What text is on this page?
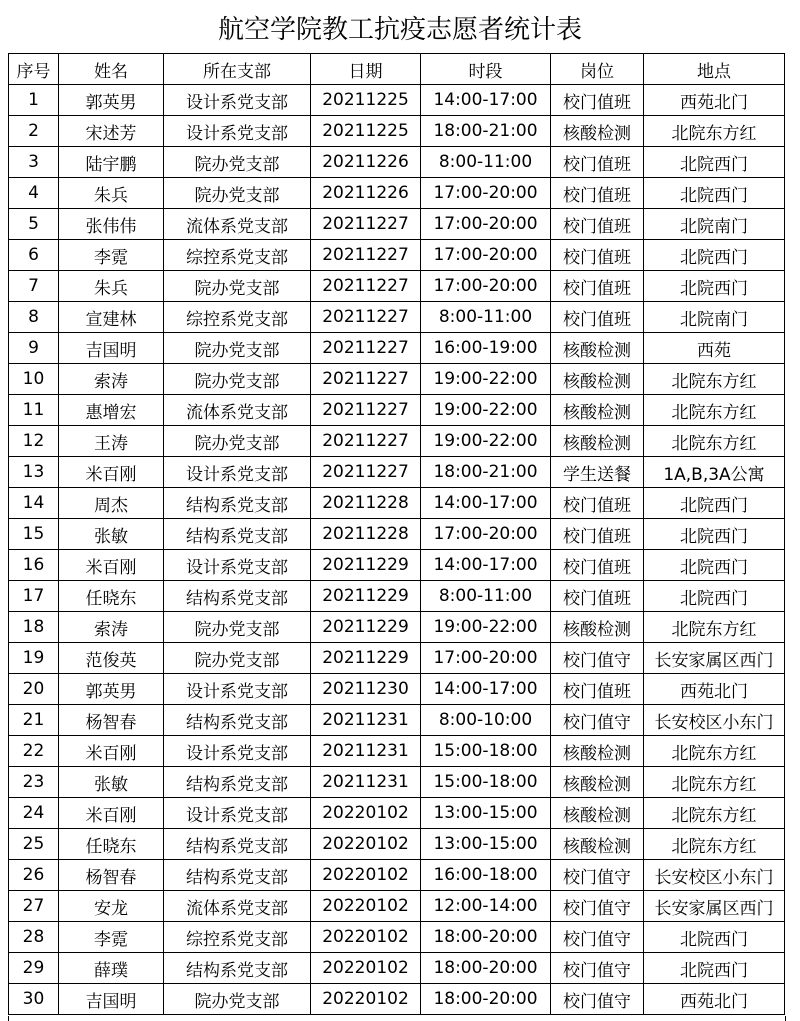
航空学院教工抗疫志愿者统计表
序号	姓名	所在支部	日期	时段	岗位	地点
1	郭英男	设计系党支部	20211225	14:00-17:00	校门值班	西苑北门
2	宋述芳	设计系党支部	20211225	18:00-21:00	核酸检测	北院东方红
3	陆宇鹏	院办党支部	20211226	8:00-11:00	校门值班	北院西门
4	朱兵	院办党支部	20211226	17:00-20:00	校门值班	北院西门
5	张伟伟	流体系党支部	20211227	17:00-20:00	校门值班	北院南门
6	李霓	综控系党支部	20211227	17:00-20:00	校门值班	北院西门
7	朱兵	院办党支部	20211227	17:00-20:00	校门值班	北院西门
8	宣建林	综控系党支部	20211227	8:00-11:00	校门值班	北院南门
9	吉国明	院办党支部	20211227	16:00-19:00	核酸检测	西苑
10	索涛	院办党支部	20211227	19:00-22:00	核酸检测	北院东方红
11	惠增宏	流体系党支部	20211227	19:00-22:00	核酸检测	北院东方红
12	王涛	院办党支部	20211227	19:00-22:00	核酸检测	北院东方红
13	米百刚	设计系党支部	20211227	18:00-21:00	学生送餐	1A,B,3A公寓
14	周杰	结构系党支部	20211228	14:00-17:00	校门值班	北院西门
15	张敏	结构系党支部	20211228	17:00-20:00	校门值班	北院西门
16	米百刚	设计系党支部	20211229	14:00-17:00	校门值班	北院西门
17	任晓东	结构系党支部	20211229	8:00-11:00	校门值班	北院西门
18	索涛	院办党支部	20211229	19:00-22:00	核酸检测	北院东方红
19	范俊英	院办党支部	20211229	17:00-20:00	校门值守	长安家属区西门
20	郭英男	设计系党支部	20211230	14:00-17:00	校门值班	西苑北门
21	杨智春	结构系党支部	20211231	8:00-10:00	校门值守	长安校区小东门
22	米百刚	设计系党支部	20211231	15:00-18:00	核酸检测	北院东方红
23	张敏	结构系党支部	20211231	15:00-18:00	核酸检测	北院东方红
24	米百刚	设计系党支部	20220102	13:00-15:00	核酸检测	北院东方红
25	任晓东	结构系党支部	20220102	13:00-15:00	核酸检测	北院东方红
26	杨智春	结构系党支部	20220102	16:00-18:00	校门值守	长安校区小东门
27	安龙	流体系党支部	20220102	12:00-14:00	校门值守	长安家属区西门
28	李霓	综控系党支部	20220102	18:00-20:00	校门值守	北院西门
29	薛璞	结构系党支部	20220102	18:00-20:00	校门值守	北院西门
30	吉国明	院办党支部	20220102	18:00-20:00	校门值守	西苑北门
